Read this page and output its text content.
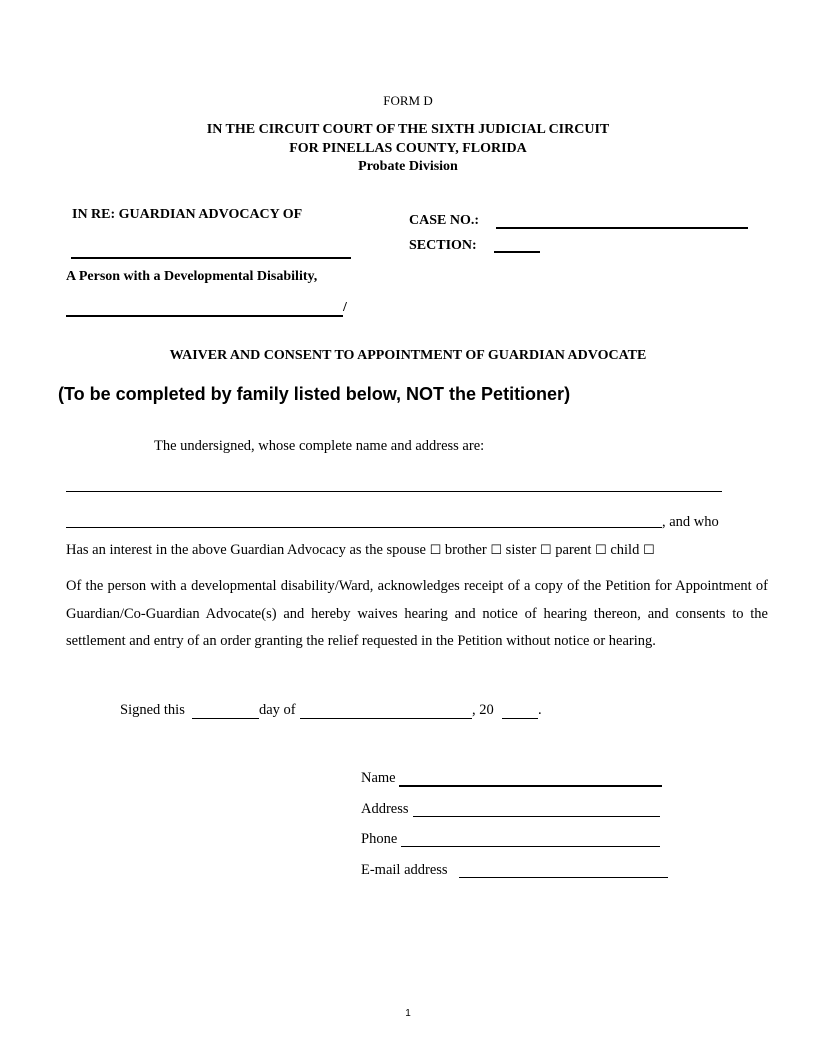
FORM D
IN THE CIRCUIT COURT OF THE SIXTH JUDICIAL CIRCUIT
FOR PINELLAS COUNTY, FLORIDA
Probate Division
IN RE: GUARDIAN ADVOCACY OF
A Person with a Developmental Disability,
/
CASE NO.:
SECTION:
WAIVER AND CONSENT TO APPOINTMENT OF GUARDIAN ADVOCATE
(To be completed by family listed below, NOT the Petitioner)
The undersigned, whose complete name and address are:
, and who
Has an interest in the above Guardian Advocacy as the spouse ☐ brother ☐ sister ☐ parent ☐ child ☐
Of the person with a developmental disability/Ward, acknowledges receipt of a copy of the Petition for Appointment of Guardian/Co-Guardian Advocate(s) and hereby waives hearing and notice of hearing thereon, and consents to the settlement and entry of an order granting the relief requested in the Petition without notice or hearing.
Signed this	day of	, 20	.
Name
Address
Phone
E-mail address
1
